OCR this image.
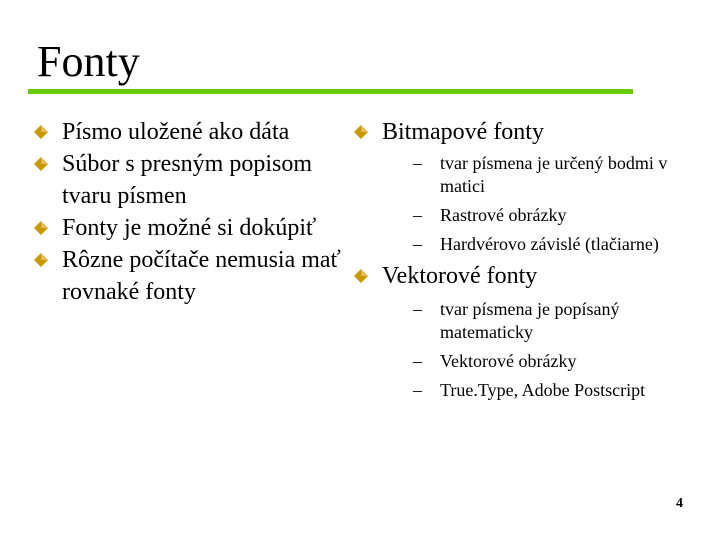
Fonty
Písmo uložené ako dáta
Súbor s presným popisom tvaru písmen
Fonty je možné si dokúpiť
Rôzne počítače nemusia mať rovnaké fonty
Bitmapové fonty
– tvar písmena je určený bodmi v matici
– Rastrové obrázky
– Hardvérovo závislé (tlačiarne)
Vektorové fonty
– tvar písmena je popísaný matematicky
– Vektorové obrázky
– True.Type, Adobe Postscript
4
